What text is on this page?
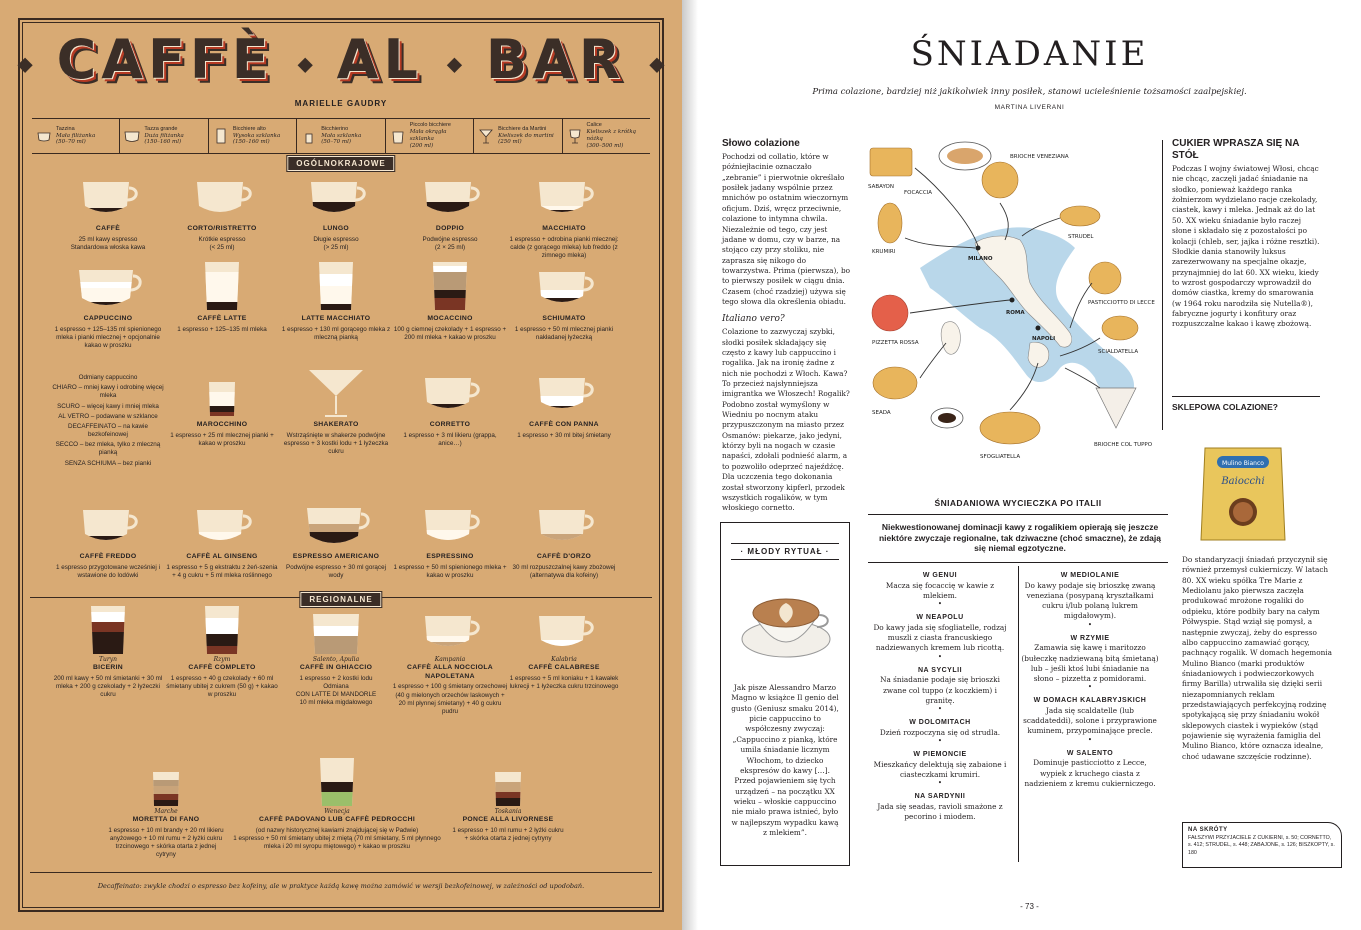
◆ CAFFÈ ◆ AL ◆ BAR ◆
MARIELLE GAUDRY
Tazzina
Mała filiżanka
(50–70 ml)
Tazza grande
Duża filiżanka
(150–160 ml)
Bicchiere alto
Wysoka szklanka
(150–160 ml)
Bicchierino
Mała szklanka
(50–70 ml)
Piccolo bicchiere
Mała okrągła szklanka
(200 ml)
Bicchiere da Martini
Kieliszek do martini
(250 ml)
Calice
Kieliszek z krótką nóżką
(300–500 ml)
OGÓLNOKRAJOWE
CAFFÈ
25 ml kawy espresso
Standardowa włoska kawa
CORTO/RISTRETTO
Krótkie espresso
(< 25 ml)
LUNGO
Długie espresso
(> 25 ml)
DOPPIO
Podwójne espresso
(2 × 25 ml)
MACCHIATO
1 espresso + odrobina pianki mlecznej: calde (z gorącego mleka) lub freddo (z zimnego mleka)
CAPPUCCINO
1 espresso + 125–135 ml spienionego mleka i pianki mlecznej + opcjonalnie kakao w proszku
CAFFÈ LATTE
1 espresso + 125–135 ml mleka
LATTE MACCHIATO
1 espresso + 130 ml gorącego mleka z mleczną pianką
MOCACCINO
100 g ciemnej czekolady + 1 espresso + 200 ml mleka + kakao w proszku
SCHIUMATO
1 espresso + 50 ml mlecznej pianki nakładanej łyżeczką
MAROCCHINO
1 espresso + 25 ml mlecznej pianki + kakao w proszku
SHAKERATO
Wstrząśnięte w shakerze podwójne espresso + 3 kostki lodu + 1 łyżeczka cukru
CORRETTO
1 espresso + 3 ml likieru (grappa, anice…)
CAFFÈ CON PANNA
1 espresso + 30 ml bitej śmietany
CAFFÈ FREDDO
1 espresso przygotowane wcześniej i wstawione do lodówki
CAFFÈ AL GINSENG
1 espresso + 5 g ekstraktu z żeń-szenia + 4 g cukru + 5 ml mleka roślinnego
ESPRESSO AMERICANO
Podwójne espresso + 30 ml gorącej wody
ESPRESSINO
1 espresso + 50 ml spienionego mleka + kakao w proszku
CAFFÈ D'ORZO
30 ml rozpuszczalnej kawy zbożowej
(alternatywa dla kofeiny)
Odmiany cappuccino
CHIARO – mniej kawy i odrobinę więcej mleka
SCURO – więcej kawy i mniej mleka
AL VETRO – podawane w szklance
DECAFFEINATO – na kawie bezkofeinowej
SECCO – bez mleka, tylko z mleczną pianką
SENZA SCHIUMA – bez pianki
REGIONALNE
Turyn
BICERIN
200 ml kawy + 50 ml śmietanki + 30 ml mleka + 200 g czekolady + 2 łyżeczki cukru
Rzym
CAFFÈ COMPLETO
1 espresso + 40 g czekolady + 60 ml śmietany ubitej z cukrem (50 g) + kakao w proszku
Salento, Apulia
CAFFÈ IN GHIACCIO
1 espresso + 2 kostki lodu
Odmiana
CON LATTE DI MANDORLE
10 ml mleka migdałowego
Kampania
CAFFÈ ALLA NOCCIOLA NAPOLETANA
1 espresso + 100 g śmietany orzechowej (40 g mielonych orzechów laskowych + 20 ml płynnej śmietany) + 40 g cukru pudru
Kalabria
CAFFÈ CALABRESE
1 espresso + 5 ml koniaku + 1 kawałek lukrecji + 1 łyżeczka cukru trzcinowego
Marche
MORETTA DI FANO
1 espresso + 10 ml brandy + 20 ml likieru anyżowego + 10 ml rumu + 2 łyżki cukru trzcinowego + skórka otarta z jednej cytryny
Wenecja
CAFFÈ PADOVANO LUB CAFFÈ PEDROCCHI
(od nazwy historycznej kawiarni znajdującej się w Padwie)
1 espresso + 50 ml śmietany ubitej z miętą (70 ml śmietany, 5 ml płynnego mleka i 20 ml syropu miętowego) + kakao w proszku
Toskania
PONCE ALLA LIVORNESE
1 espresso + 10 ml rumu + 2 łyżki cukru + skórka otarta z jednej cytryny
Decaffeinato: zwykle chodzi o espresso bez kofeiny, ale w praktyce każdą kawę można zamówić w wersji bezkofeinowej, w zależności od upodobań.
ŚNIADANIE
Prima colazione, bardziej niż jakikolwiek inny posiłek, stanowi ucieleśnienie tożsamości zaalpejskiej.
MARTINA LIVERANI
Słowo colazione

Pochodzi od collatio, które w późniejłacinie oznaczało „zebranie” i pierwotnie określało posiłek jadany wspólnie przez mnichów po ostatnim wieczornym oficjum. Dziś, wręcz przeciwnie, colazione to intymna chwila. Niezależnie od tego, czy jest jadane w domu, czy w barze, na stojąco czy przy stoliku, nie zaprasza się nikogo do towarzystwa. Prima (pierwsza), bo to pierwszy posiłek w ciągu dnia. Czasem (choć rzadziej) używa się tego słowa dla określenia obiadu.

Italiano vero?

Colazione to zazwyczaj szybki, słodki posiłek składający się często z kawy lub cappuccino i rogalika. Jak na ironię żadne z nich nie pochodzi z Włoch. Kawa? To przecież najsłynniejsza imigrantka we Włoszech! Rogalik? Podobno został wymyślony w Wiedniu po nocnym ataku przypuszczonym na miasto przez Osmanów: piekarze, jako jedyni, którzy byli na nogach w czasie napaści, zdołali podnieść alarm, a to pozwoliło odeprzeć najeźdźcę. Dla uczczenia tego dokonania został stworzony kipferl, przodek wszystkich rogalików, w tym włoskiego cornetto.

SABAYON
FOCACCIA
BRIOCHE VENEZIANA
KRUMIRI
MILANO
STRUDEL
PASTICCIOTTO DI LECCE
PIZZETTA ROSSA
ROMA
NAPOLI
SFOGLIATELLA
SEADA
BRIOCHE COL TUPPO
SCIALDATELLA
CUKIER WPRASZA SIĘ NA STÓŁ

Podczas I wojny światowej Włosi, chcąc nie chcąc, zaczęli jadać śniadanie na słodko, ponieważ każdego ranka żołnierzom wydzielano racje czekolady, ciastek, kawy i mleka. Jednak aż do lat 50. XX wieku śniadanie było raczej słone i składało się z pozostałości po kolacji (chleb, ser, jajka i różne resztki). Słodkie dania stanowiły luksus zarezerwowany na specjalne okazje, przynajmniej do lat 60. XX wieku, kiedy to wzrost gospodarczy wprowadził do domów ciastka, kremy do smarowania (w 1964 roku narodziła się Nutella®), fabryczne jogurty i konfitury oraz rozpuszczalne kakao i kawę zbożową.

SKLEPOWA COLAZIONE?
Mulino Bianco
Baiocchi

Do standaryzacji śniadań przyczynił się również przemysł cukierniczy. W latach 80. XX wieku spółka Tre Marie z Mediolanu jako pierwsza zaczęła produkować mrożone rogaliki do odpieku, które podbiły bary na całym Półwyspie. Stąd wziął się pomysł, a następnie zwyczaj, żeby do espresso albo cappuccino zamawiać gorący, pachnący rogalik. W domach hegemonia Mulino Bianco (marki produktów śniadaniowych i podwieczorkowych firmy Barilla) utrwaliła się dzięki serii niezapomnianych reklam przedstawiających perfekcyjną rodzinę spotykającą się przy śniadaniu wokół sklepowych ciastek i wypieków (stąd pojawienie się wyrażenia famiglia del Mulino Bianco, które oznacza idealne, choć udawane szczęście rodzinne).

ŚNIADANIOWA WYCIECZKA PO ITALII
Niekwestionowanej dominacji kawy z rogalikiem opierają się jeszcze niektóre zwyczaje regionalne, tak dziwaczne (choć smaczne), że zdają się niemal egzotyczne.
W GENUI
Macza się focaccię w kawie z mlekiem.
•
W NEAPOLU
Do kawy jada się sfogliatelle, rodzaj muszli z ciasta francuskiego nadziewanych kremem lub ricottą.
•
NA SYCYLII
Na śniadanie podaje się brioszki zwane col tuppo (z koczkiem) i granitę.
•
W DOLOMITACH
Dzień rozpoczyna się od strudla.
•
W PIEMONCIE
Mieszkańcy delektują się zabaione i ciasteczkami krumiri.
•
NA SARDYNII
Jada się seadas, ravioli smażone z pecorino i miodem.
W MEDIOLANIE
Do kawy podaje się brioszkę zwaną veneziana (posypaną kryształkami cukru i/lub polaną lukrem migdałowym).
•
W RZYMIE
Zamawia się kawę i maritozzo (bułeczkę nadziewaną bitą śmietaną) lub – jeśli ktoś lubi śniadanie na słono – pizzetta z pomidorami.
•
W DOMACH KALABRYJSKICH
Jada się scaldatelle (lub scaddateddi), solone i przyprawione kuminem, przypominające precle.
•
W SALENTO
Dominuje pasticciotto z Lecce, wypiek z kruchego ciasta z nadzieniem z kremu cukierniczego.
· MŁODY RYTUAŁ ·
Jak pisze Alessandro Marzo Magno w książce Il genio del gusto (Geniusz smaku 2014), picie cappuccino to współczesny zwyczaj: „Cappuccino z pianką, które umila śniadanie licznym Włochom, to dziecko ekspresów do kawy […]. Przed pojawieniem się tych urządzeń – na początku XX wieku – włoskie cappuccino nie miało prawa istnieć, było w najlepszym wypadku kawą z mlekiem”.	NA SKRÓTY
FAŁSZYWI PRZYJACIELE Z CUKIERNI, s. 50; CORNETTO, s. 412; STRUDEL, s. 448; ZABAJONE, s. 126; BISZKOPTY, s. 180
- 73 -
